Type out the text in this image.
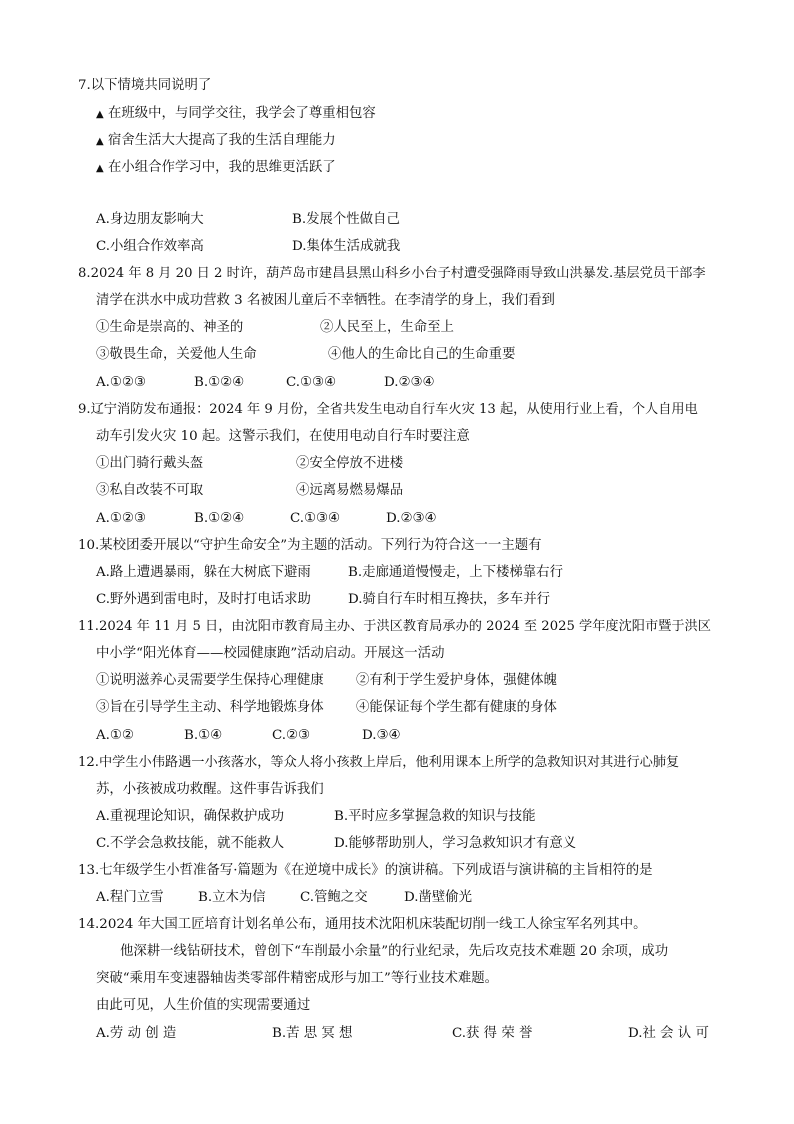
7.以下情境共同说明了
▲ 在班级中，与同学交往，我学会了尊重相包容
▲ 宿舍生活大大提高了我的生活自理能力
▲ 在小组合作学习中，我的思维更活跃了
A.身边朋友影响大	B.发展个性做自己
C.小组合作效率高	D.集体生活成就我
8.2024 年 8 月 20 日 2 时许，葫芦岛市建昌县黑山科乡小台子村遭受强降雨导致山洪暴发.基层党员干部李
清学在洪水中成功营救 3 名被困儿童后不幸牺牲。在李清学的身上，我们看到
①生命是崇高的、神圣的	②人民至上，生命至上
③敬畏生命，关爱他人生命	④他人的生命比自己的生命重要
A.①②③	B.①②④	C.①③④	D.②③④
9.辽宁消防发布通报：2024 年 9 月份，全省共发生电动自行车火灾 13 起，从使用行业上看，个人自用电
动车引发火灾 10 起。这警示我们，在使用电动自行车时要注意
①出门骑行戴头盔	②安全停放不进楼
③私自改装不可取	④远离易燃易爆品
A.①②③	B.①②④	C.①③④	D.②③④
10.某校团委开展以“守护生命安全”为主题的活动。下列行为符合这一一主题有
A.路上遭遇暴雨，躲在大树底下避雨	B.走廊通道慢慢走，上下楼梯靠右行
C.野外遇到雷电时，及时打电话求助	D.骑自行车时相互搀扶，多车并行
11.2024 年 11 月 5 日，由沈阳市教育局主办、于洪区教育局承办的 2024 至 2025 学年度沈阳市暨于洪区
中小学“阳光体育——校园健康跑”活动启动。开展这一活动
①说明滋养心灵需要学生保持心理健康 ②有利于学生爱护身体，强健体魄
③旨在引导学生主动、科学地锻炼身体 ④能保证每个学生都有健康的身体
A.①②	B.①④	C.②③	D.③④
12.中学生小伟路遇一小孩落水，等众人将小孩救上岸后，他利用课本上所学的急救知识对其进行心肺复
苏，小孩被成功救醒。这件事告诉我们
A.重视理论知识，确保救护成功	B.平时应多掌握急救的知识与技能
C.不学会急救技能，就不能救人	D.能够帮助别人，学习急救知识才有意义
13.七年级学生小哲准备写·篇题为《在逆境中成长》的演讲稿。下列成语与演讲稿的主旨相符的是
A.程门立雪	B.立木为信	C.管鲍之交	D.凿壁偷光
14.2024 年大国工匠培育计划名单公布，通用技术沈阳机床装配切削一线工人徐宝军名列其中。
他深耕一线钻研技术，曾创下“车削最小余量”的行业纪录，先后攻克技术难题 20 余项，成功
突破“乘用车变速器轴齿类零部件精密成形与加工”等行业技术难题。
由此可见，人生价值的实现需要通过
A.劳 动 创 造	B.苦 思 冥 想	C.获 得 荣 誉	D.社 会 认 可
